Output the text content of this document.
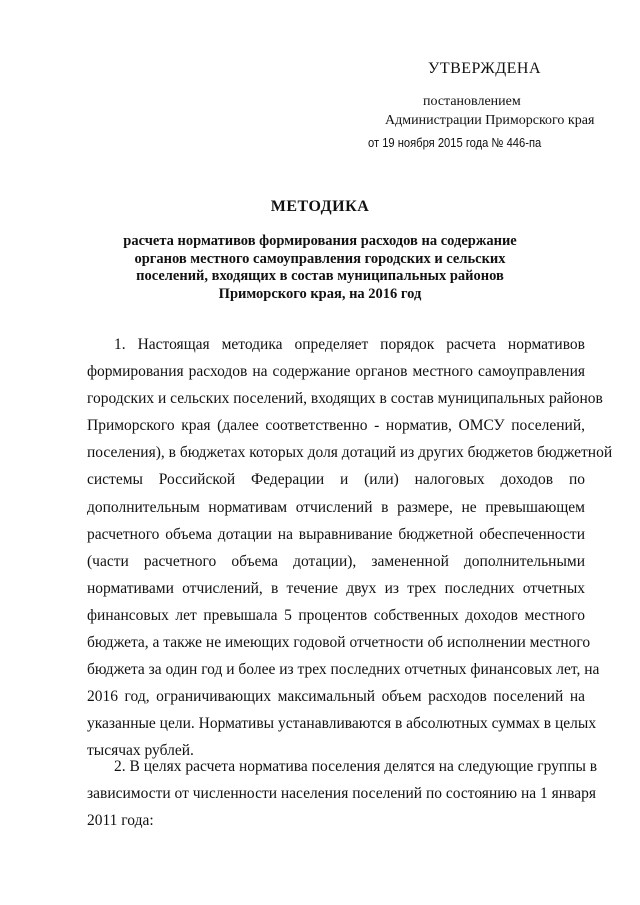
УТВЕРЖДЕНА
постановлением
Администрации Приморского края
от 19 ноября 2015 года № 446-па
МЕТОДИКА
расчета нормативов формирования расходов на содержание
органов местного самоуправления городских и сельских
поселений, входящих в состав муниципальных районов
Приморского края, на 2016 год
1. Настоящая методика определяет порядок расчета нормативов
формирования расходов на содержание органов местного самоуправления
городских и сельских поселений, входящих в состав муниципальных районов
Приморского края (далее соответственно - норматив, ОМСУ поселений,
поселения), в бюджетах которых доля дотаций из других бюджетов бюджетной
системы Российской Федерации и (или) налоговых доходов по
дополнительным нормативам отчислений в размере, не превышающем
расчетного объема дотации на выравнивание бюджетной обеспеченности
(части расчетного объема дотации), замененной дополнительными
нормативами отчислений, в течение двух из трех последних отчетных
финансовых лет превышала 5 процентов собственных доходов местного
бюджета, а также не имеющих годовой отчетности об исполнении местного
бюджета за один год и более из трех последних отчетных финансовых лет, на
2016 год, ограничивающих максимальный объем расходов поселений на
указанные цели. Нормативы устанавливаются в абсолютных суммах в целых
тысячах рублей.
2. В целях расчета норматива поселения делятся на следующие группы в
зависимости от численности населения поселений по состоянию на 1 января
2011 года:
